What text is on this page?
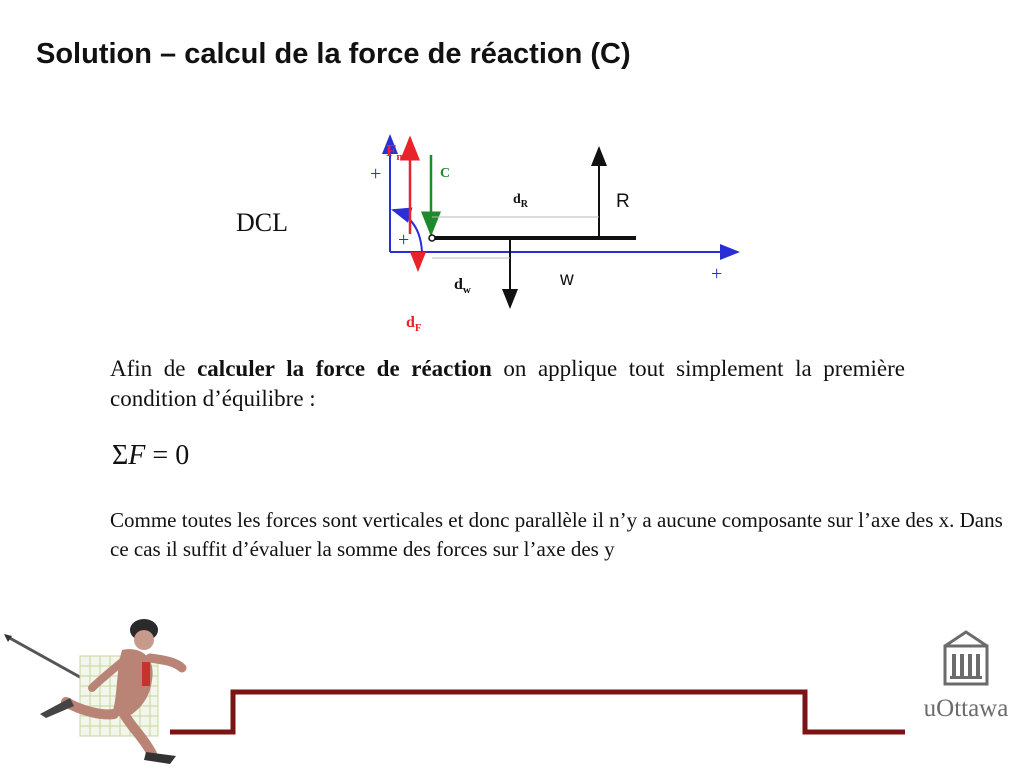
Solution – calcul de la force de réaction (C)
DCL
$F_m$
C
+
+
+
$d_R$	R
w
$d_w$
$d_F$
Afin de calculer la force de réaction on applique tout simplement la première condition d’équilibre :
ΣF = 0
Comme toutes les forces sont verticales et donc parallèle il n’y a aucune composante sur l’axe des x. Dans ce cas il suffit d’évaluer la somme des forces sur l’axe des y
uOttawa
